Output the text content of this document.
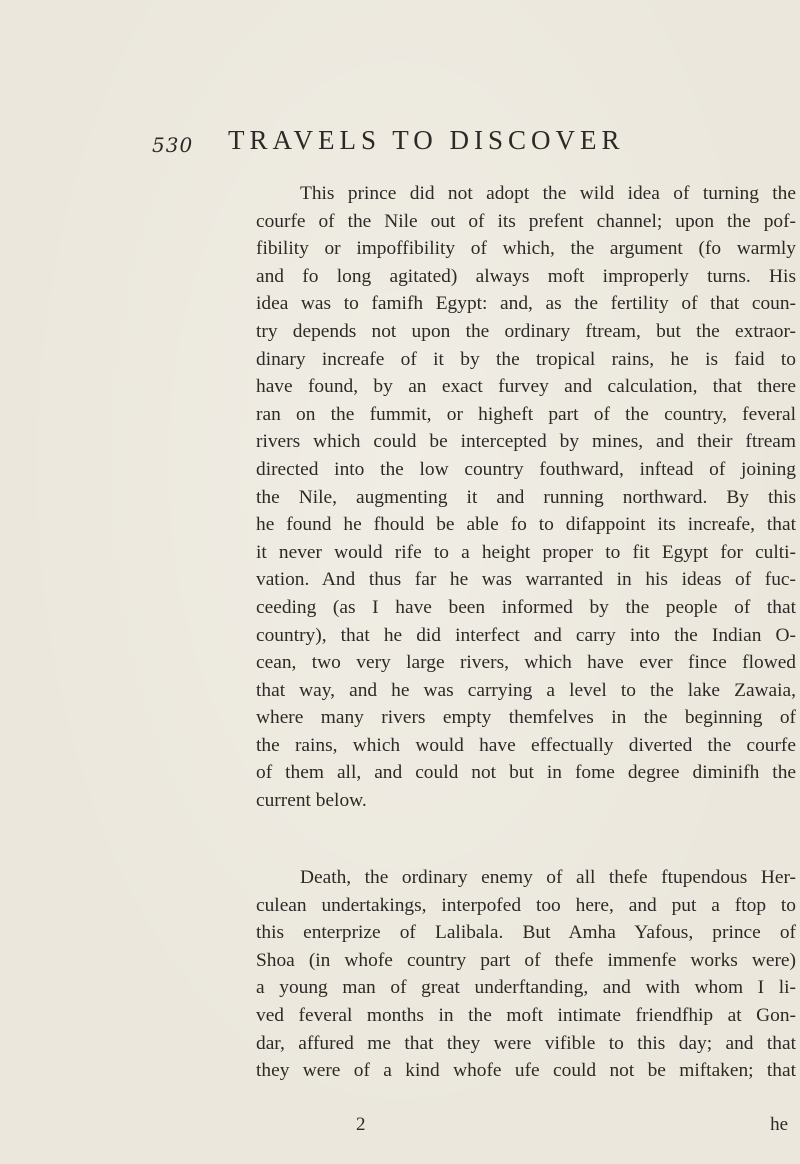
530 TRAVELS TO DISCOVER
This prince did not adopt the wild idea of turning the
courfe of the Nile out of its prefent channel; upon the pof-
fibility or impoffibility of which, the argument (fo warmly
and fo long agitated) always moft improperly turns. His
idea was to famifh Egypt: and, as the fertility of that coun-
try depends not upon the ordinary ftream, but the extraor-
dinary increafe of it by the tropical rains, he is faid to
have found, by an exact furvey and calculation, that there
ran on the fummit, or higheft part of the country, feveral
rivers which could be intercepted by mines, and their ftream
directed into the low country fouthward, inftead of joining
the Nile, augmenting it and running northward. By this
he found he fhould be able fo to difappoint its increafe, that
it never would rife to a height proper to fit Egypt for culti-
vation. And thus far he was warranted in his ideas of fuc-
ceeding (as I have been informed by the people of that
country), that he did interfect and carry into the Indian O-
cean, two very large rivers, which have ever fince flowed
that way, and he was carrying a level to the lake Zawaia,
where many rivers empty themfelves in the beginning of
the rains, which would have effectually diverted the courfe
of them all, and could not but in fome degree diminifh the
current below.
Death, the ordinary enemy of all thefe ftupendous Her-
culean undertakings, interpofed too here, and put a ftop to
this enterprize of Lalibala. But Amha Yafous, prince of
Shoa (in whofe country part of thefe immenfe works were)
a young man of great underftanding, and with whom I li-
ved feveral months in the moft intimate friendfhip at Gon-
dar, affured me that they were vifible to this day; and that
they were of a kind whofe ufe could not be miftaken; that
2	he
